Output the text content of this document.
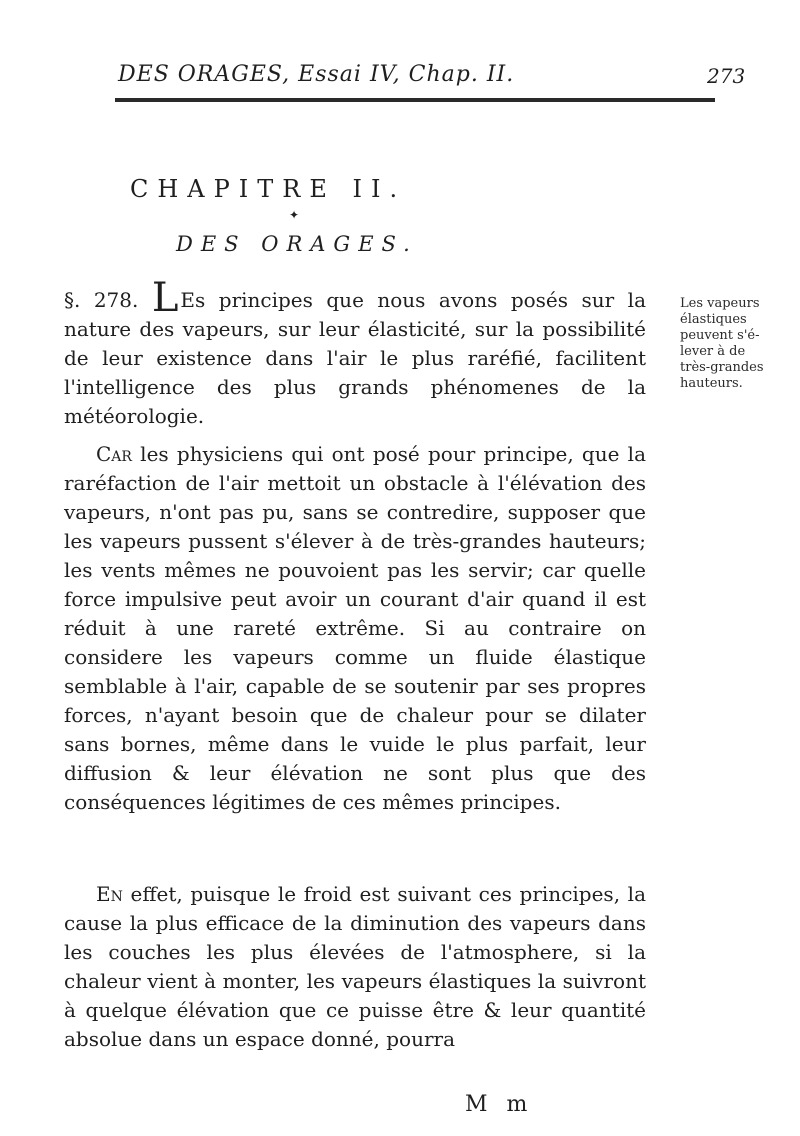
DES ORAGES, Essai IV, Chap. II.	273
CHAPITRE II.
✦
DES ORAGES.

§. 278. L Es principes que nous avons posés sur la nature des vapeurs, sur leur élasticité, sur la possibilité de leur existence dans l'air le plus raréfié, facilitent l'intelligence des plus grands phénomenes de la météorologie.

Car les physiciens qui ont posé pour principe, que la raréfaction de l'air mettoit un obstacle à l'élévation des vapeurs, n'ont pas pu, sans se contredire, supposer que les vapeurs pussent s'élever à de très-grandes hauteurs; les vents mêmes ne pouvoient pas les servir; car quelle force impulsive peut avoir un courant d'air quand il est réduit à une rareté extrême. Si au contraire on considere les vapeurs comme un fluide élastique semblable à l'air, capable de se soutenir par ses propres forces, n'ayant besoin que de chaleur pour se dilater sans bornes, même dans le vuide le plus parfait, leur diffusion & leur élévation ne sont plus que des conséquences légitimes de ces mêmes principes.

En effet, puisque le froid est suivant ces principes, la cause la plus efficace de la diminution des vapeurs dans les couches les plus élevées de l'atmosphere, si la chaleur vient à monter, les vapeurs élastiques la suivront à quelque élévation que ce puisse être & leur quantité absolue dans un espace donné, pourra

Les vapeurs
élastiques
peuvent s'é-
lever à de
très-grandes
hauteurs.
M m
